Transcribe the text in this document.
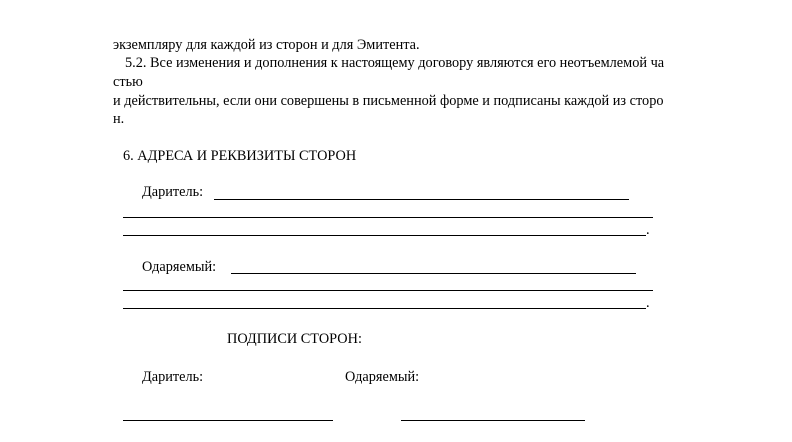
экземпляру для каждой из сторон и для Эмитента.
5.2. Все изменения и дополнения к настоящему договору являются его неотъемлемой ча
стью
и действительны, если они совершены в письменной форме и подписаны каждой из сторо
н.
6. АДРЕСА И РЕКВИЗИТЫ СТОРОН
Даритель:
.
Одаряемый:
.
ПОДПИСИ СТОРОН:
Даритель:	Одаряемый:
